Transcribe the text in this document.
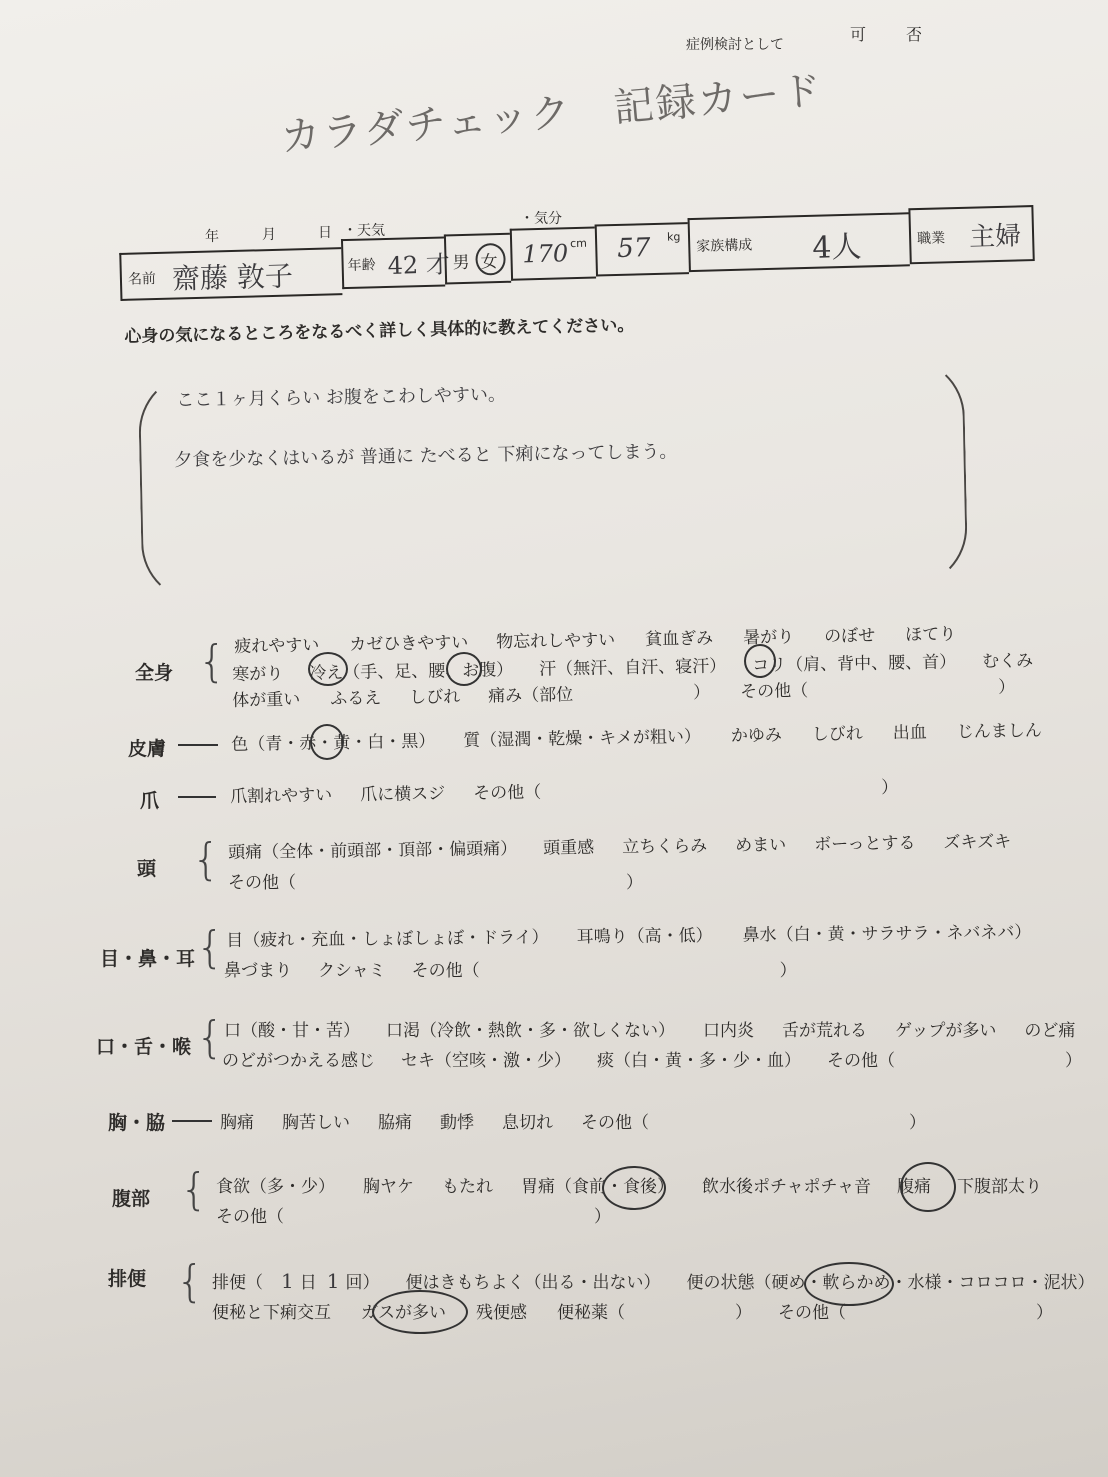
症例検討として
可 否
カラダチェック　記録カード
年	月	日 ・天気
・気分
名前 齋藤 敦子	年齢 42 才 男 女 170 cm 57 kg
家族構成 4人	職業 主婦
心身の気になるところをなるべく詳しく具体的に教えてください。
ここ１ヶ月くらい お腹をこわしやすい。
夕食を少なくはいるが 普通に たべると 下痢になってしまう。
全身 { 疲れやすい カゼひきやすい 物忘れしやすい 貧血ぎみ 暑がり のぼせ ほてり
寒がり 冷え（手、足、腰、お腹） 汗（無汗、自汗、寝汗） コリ（肩、背中、腰、首） むくみ
体が重い ふるえ しびれ 痛み（部位	） その他（	）
皮膚	色（青・赤・黄・白・黒） 質（湿潤・乾燥・キメが粗い） かゆみ しびれ 出血 じんましん
爪	爪割れやすい 爪に横スジ その他（	）
頭 { 頭痛（全体・前頭部・頂部・偏頭痛） 頭重感 立ちくらみ めまい ボーっとする ズキズキ
その他（	）
目・鼻・耳 { 目（疲れ・充血・しょぼしょぼ・ドライ） 耳鳴り（高・低） 鼻水（白・黄・サラサラ・ネバネバ）
鼻づまり クシャミ その他（	）
口・舌・喉 { 口（酸・甘・苦） 口渇（冷飲・熱飲・多・欲しくない） 口内炎 舌が荒れる ゲップが多い のど痛
のどがつかえる感じ セキ（空咳・激・少） 痰（白・黄・多・少・血） その他（	）
胸・脇	胸痛 胸苦しい 脇痛 動悸 息切れ その他（	）
腹部 { 食欲（多・少） 胸ヤケ もたれ 胃痛（食前・食後） 飲水後ポチャポチャ音 腹痛 下腹部太り
その他（	）
排便 { 排便（ 1 日 1 回） 便はきもちよく（出る・出ない） 便の状態（硬め・軟らかめ・水様・コロコロ・泥状）
便秘と下痢交互 ガスが多い 残便感 便秘薬（	） その他（	）
